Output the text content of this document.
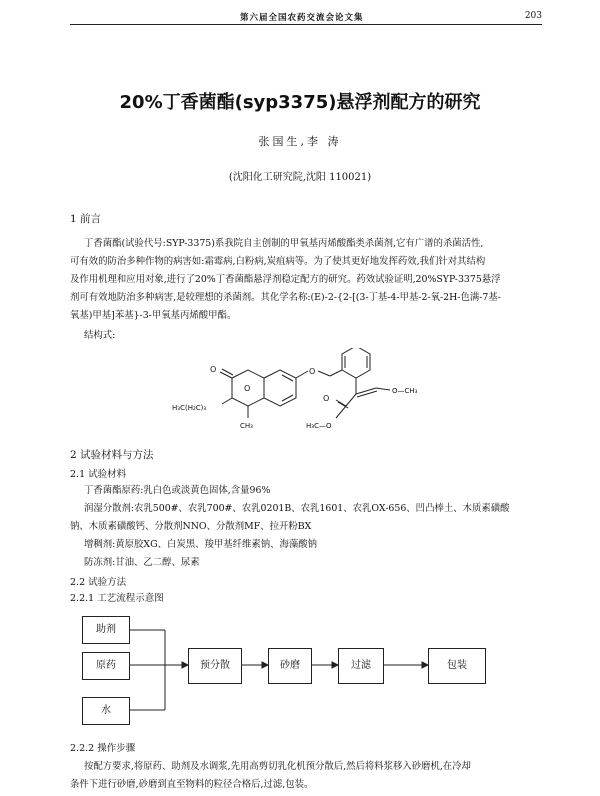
第六届全国农药交流会论文集	203
20%丁香菌酯(syp3375)悬浮剂配方的研究
张国生,李 涛
(沈阳化工研究院,沈阳 110021)
1 前言
丁香菌酯(试验代号:SYP-3375)系我院自主创制的甲氧基丙烯酸酯类杀菌剂,它有广谱的杀菌活性,
可有效的防治多种作物的病害如:霜霉病,白粉病,炭疽病等。为了使其更好地发挥药效,我们针对其结构
及作用机理和应用对象,进行了20%丁香菌酯悬浮剂稳定配方的研究。药效试验证明,20%SYP-3375悬浮
剂可有效地防治多种病害,是较理想的杀菌剂。其化学名称:(E)-2-{2-[(3-丁基-4-甲基-2-氧-2H-色满-7基-
氧基)甲基]苯基}-3-甲氧基丙烯酸甲酯。
结构式:
O
O
O
H₃C(H₂C)₃
CH₃
O—CH₃
O
H₃C—O
2 试验材料与方法
2.1 试验材料
丁香菌酯原药:乳白色或淡黄色固体,含量96%
润湿分散剂:农乳500#、农乳700#、农乳0201B、农乳1601、农乳OX-656、凹凸棒土、木质素磺酸
钠、木质素磺酸钙、分散剂NNO、分散剂MF、拉开粉BX
增稠剂:黄原胶XG、白炭黑、羧甲基纤维素钠、海藻酸钠
防冻剂:甘油、乙二醇、尿素
2.2 试验方法
2.2.1 工艺流程示意图
助剂
原药
水
预分散	砂磨	过滤	包装
2.2.2 操作步骤
按配方要求,将原药、助剂及水调浆,先用高剪切乳化机预分散后,然后将料浆移入砂磨机,在冷却
条件下进行砂磨,砂磨到直至物料的粒径合格后,过滤,包装。
